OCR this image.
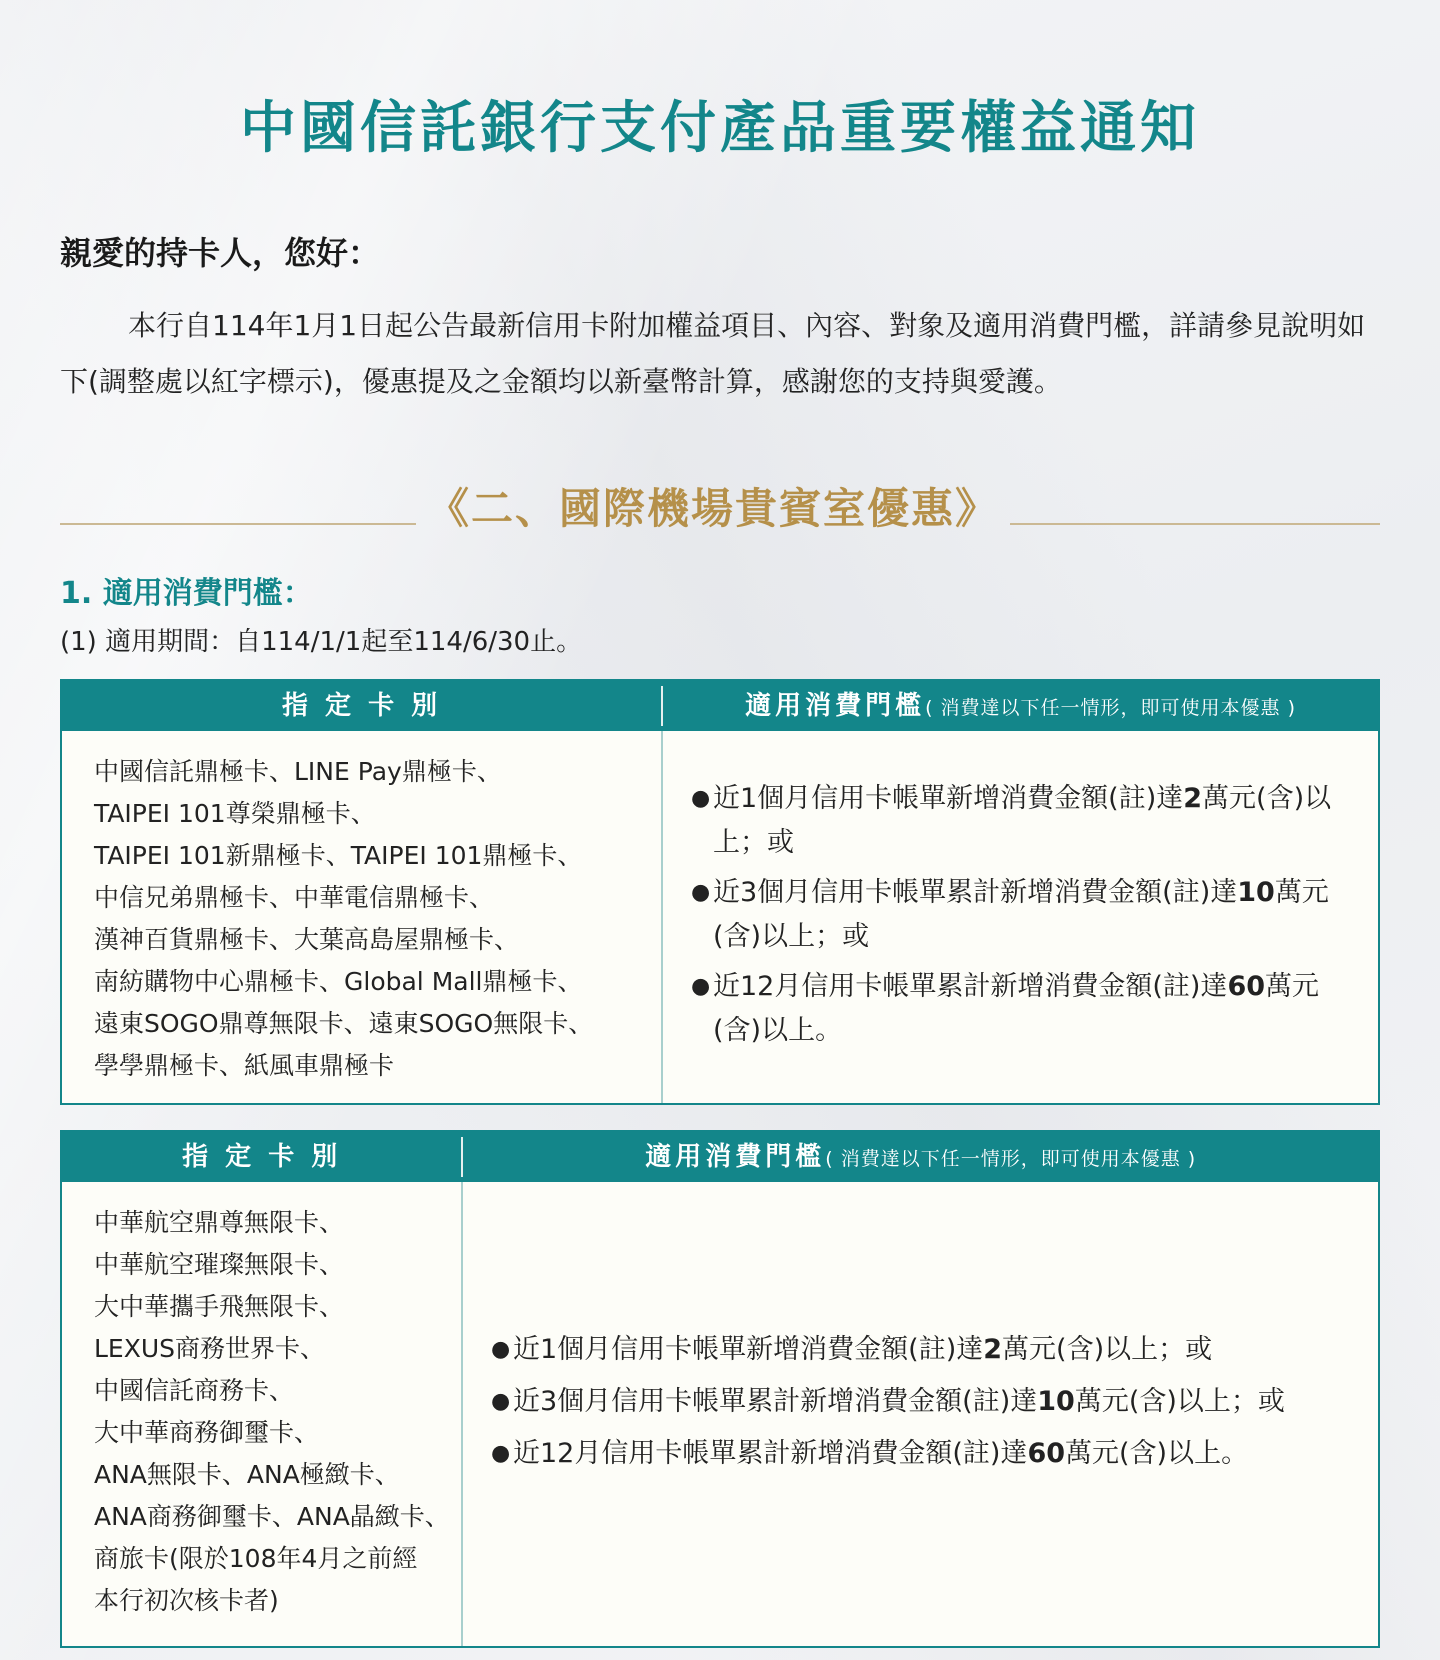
中國信託銀行支付產品重要權益通知
親愛的持卡人，您好：
本行自114年1月1日起公告最新信用卡附加權益項目、內容、對象及適用消費門檻，詳請參見說明如下(調整處以紅字標示)，優惠提及之金額均以新臺幣計算，感謝您的支持與愛護。
《二、國際機場貴賓室優惠》
1. 適用消費門檻：
(1) 適用期間：自114/1/1起至114/6/30止。
指 定 卡 別	適用消費門檻( 消費達以下任一情形，即可使用本優惠 )
中國信託鼎極卡、LINE Pay鼎極卡、
TAIPEI 101尊榮鼎極卡、
TAIPEI 101新鼎極卡、TAIPEI 101鼎極卡、
中信兄弟鼎極卡、中華電信鼎極卡、
漢神百貨鼎極卡、大葉高島屋鼎極卡、
南紡購物中心鼎極卡、Global Mall鼎極卡、
遠東SOGO鼎尊無限卡、遠東SOGO無限卡、
學學鼎極卡、紙風車鼎極卡
● 近1個月信用卡帳單新增消費金額(註)達2萬元(含)以上；或
● 近3個月信用卡帳單累計新增消費金額(註)達10萬元(含)以上；或
● 近12月信用卡帳單累計新增消費金額(註)達60萬元(含)以上。
指 定 卡 別	適用消費門檻( 消費達以下任一情形，即可使用本優惠 )
中華航空鼎尊無限卡、
中華航空璀璨無限卡、
大中華攜手飛無限卡、
LEXUS商務世界卡、
中國信託商務卡、
大中華商務御璽卡、
ANA無限卡、ANA極緻卡、
ANA商務御璽卡、ANA晶緻卡、
商旅卡(限於108年4月之前經
本行初次核卡者)
● 近1個月信用卡帳單新增消費金額(註)達2萬元(含)以上；或
● 近3個月信用卡帳單累計新增消費金額(註)達10萬元(含)以上；或
● 近12月信用卡帳單累計新增消費金額(註)達60萬元(含)以上。
